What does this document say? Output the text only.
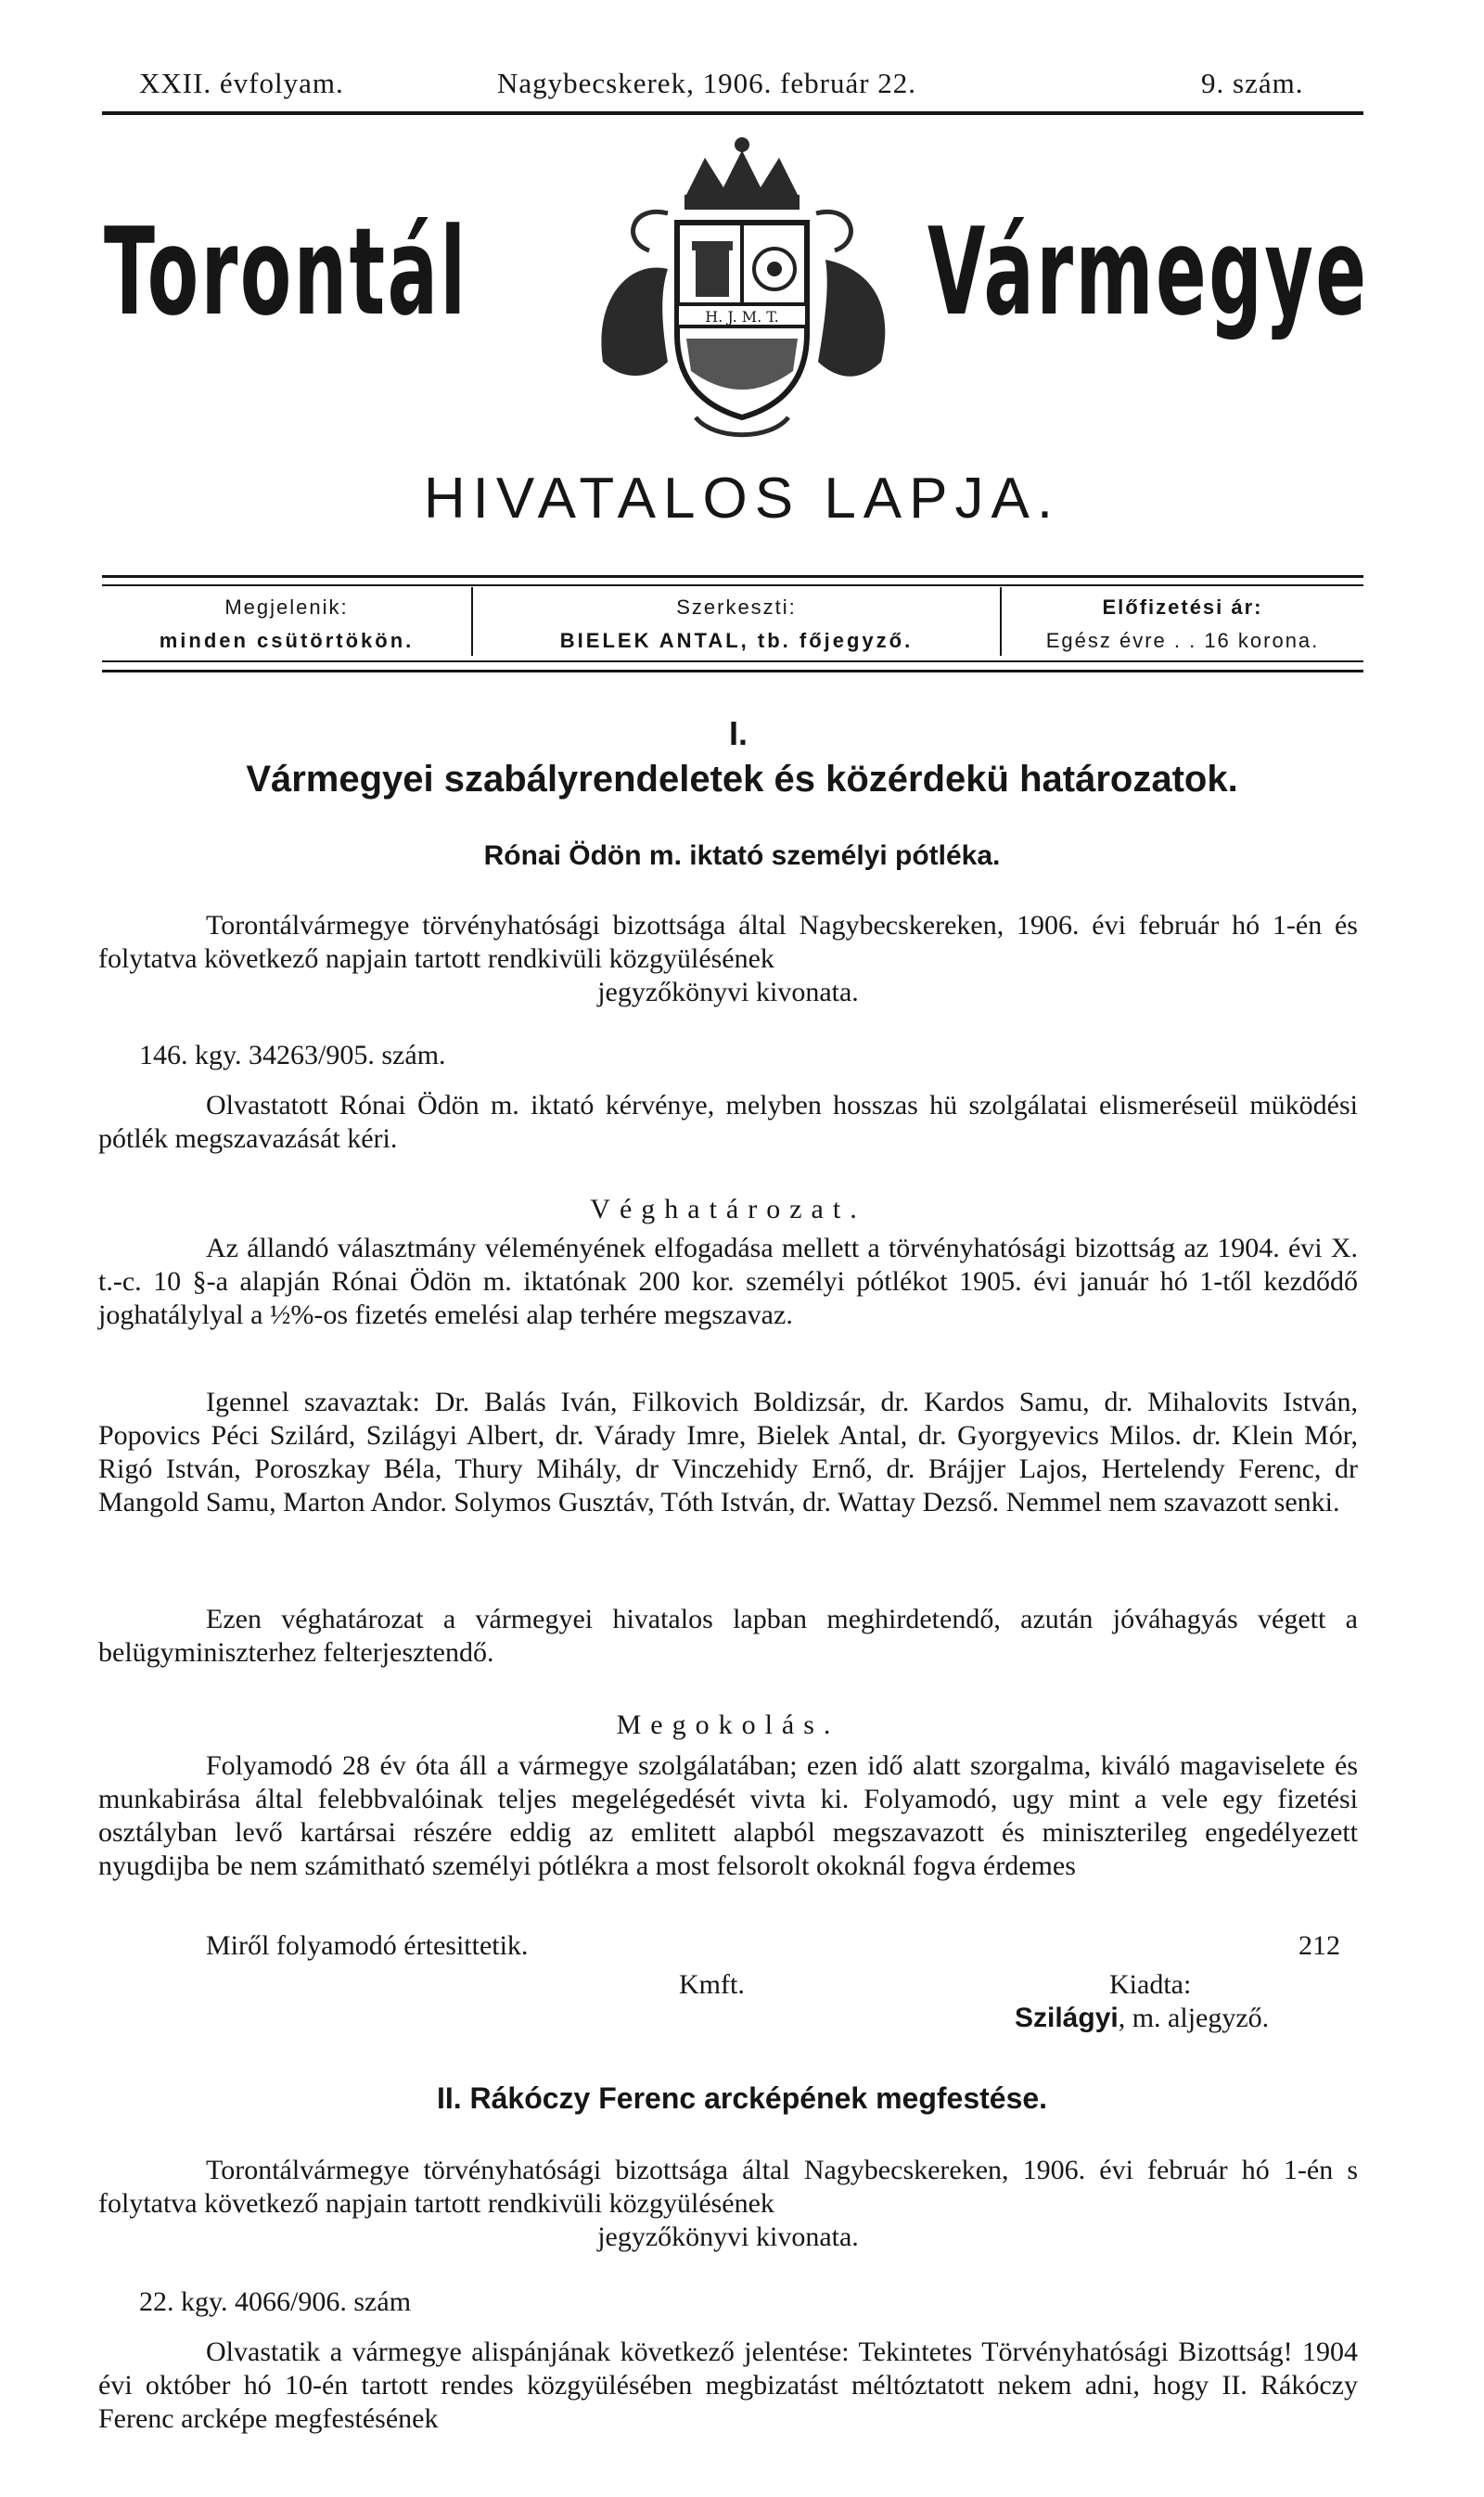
XXII. évfolyam.	Nagybecskerek, 1906. február 22.	9. szám.
Torontál	Vármegye
H. J. M. T.
HIVATALOS LAPJA.
Megjelenik:
minden csütörtökön.
Szerkeszti:
BIELEK ANTAL, tb. főjegyző.
Előfizetési ár:
Egész évre . . 16 korona.
I.
Vármegyei szabályrendeletek és közérdekü határozatok.
Rónai Ödön m. iktató személyi pótléka.

Torontálvármegye törvényhatósági bizottsága által Nagybecskereken, 1906. évi február hó 1-én és folytatva következő napjain tartott rendkivüli közgyülésének

jegyzőkönyvi kivonata.

146. kgy. 34263/905. szám.

Olvastatott Rónai Ödön m. iktató kérvénye, melyben hosszas hü szolgálatai elismeréseül müködési pótlék megszavazását kéri.

Véghatározat.

Az állandó választmány véleményének elfogadása mellett a törvényhatósági bizottság az 1904. évi X. t.-c. 10 §-a alapján Rónai Ödön m. iktatónak 200 kor. személyi pótlékot 1905. évi január hó 1-től kezdődő joghatálylyal a ½%-os fizetés emelési alap terhére megszavaz.

Igennel szavaztak: Dr. Balás Iván, Filkovich Boldizsár, dr. Kardos Samu, dr. Mihalovits István, Popovics Péci Szilárd, Szilágyi Albert, dr. Várady Imre, Bielek Antal, dr. Gyorgyevics Milos. dr. Klein Mór, Rigó István, Poroszkay Béla, Thury Mihály, dr Vinczehidy Ernő, dr. Brájjer Lajos, Hertelendy Ferenc, dr Mangold Samu, Marton Andor. Solymos Gusztáv, Tóth István, dr. Wattay Dezső. Nemmel nem szavazott senki.

Ezen véghatározat a vármegyei hivatalos lapban meghirdetendő, azután jóváhagyás végett a belügyminiszterhez felterjesztendő.

Megokolás.

Folyamodó 28 év óta áll a vármegye szolgálatában; ezen idő alatt szorgalma, kiváló magaviselete és munkabirása által felebbvalóinak teljes megelégedését vivta ki. Folyamodó, ugy mint a vele egy fizetési osztályban levő kartársai részére eddig az emlitett alapból megszavazott és miniszterileg engedélyezett nyugdijba be nem számitható személyi pótlékra a most felsorolt okoknál fogva érdemes

Miről folyamodó értesittetik.	212
Kmft.	Kiadta:
Szilágyi, m. aljegyző.
II. Rákóczy Ferenc arcképének megfestése.

Torontálvármegye törvényhatósági bizottsága által Nagybecskereken, 1906. évi február hó 1-én s folytatva következő napjain tartott rendkivüli közgyülésének

jegyzőkönyvi kivonata.

22. kgy. 4066/906. szám

Olvastatik a vármegye alispánjának következő jelentése: Tekintetes Törvényhatósági Bizottság! 1904 évi október hó 10-én tartott rendes közgyülésében megbizatást méltóztatott nekem adni, hogy II. Rákóczy Ferenc arcképe megfestésének
